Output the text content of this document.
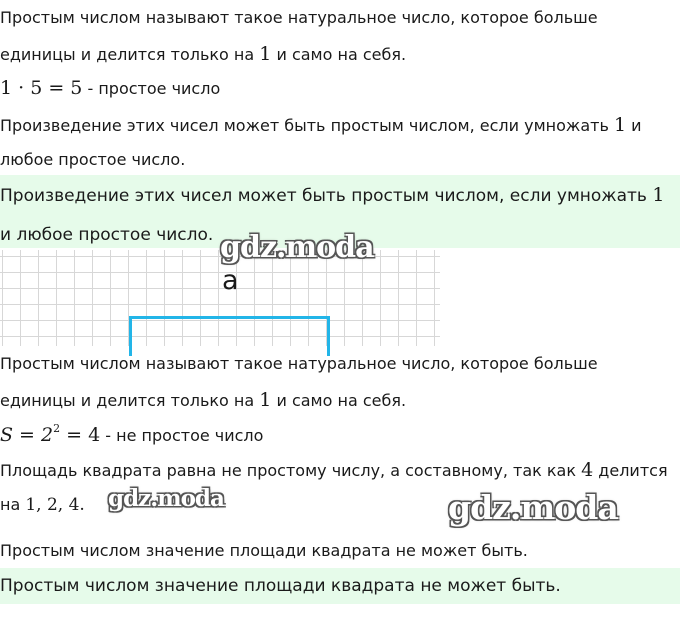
Простым числом называют такое натуральное число, которое больше
единицы и делится только на 1 и само на себя.
1 · 5 = 5 - простое число
Произведение этих чисел может быть простым числом, если умножать 1 и
любое простое число.
Произведение этих чисел может быть простым числом, если умножать 1
и любое простое число.
a
Простым числом называют такое натуральное число, которое больше
единицы и делится только на 1 и само на себя.
$S = 2^2 = 4$ - не простое число
Площадь квадрата равна не простому числу, а составному, так как 4 делится
на 1, 2, 4.
Простым числом значение площади квадрата не может быть.
Простым числом значение площади квадрата не может быть.
gdz.moda
gdz.moda	gdz.moda
